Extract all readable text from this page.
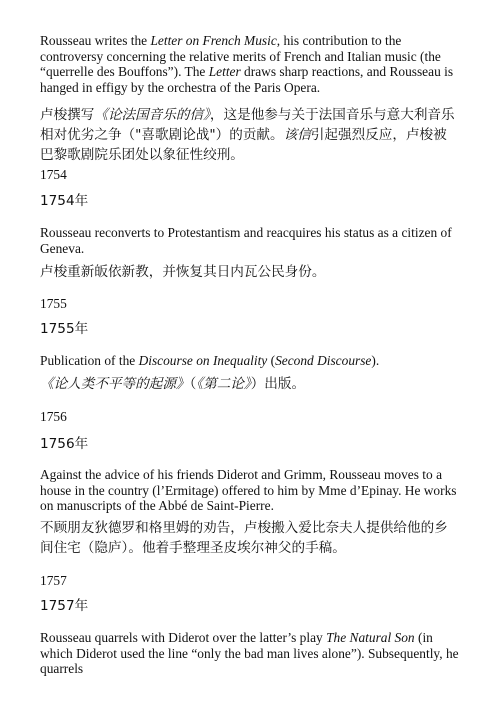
Rousseau writes the Letter on French Music, his contribution to the controversy concerning the relative merits of French and Italian music (the “querrelle des Bouffons”). The Letter draws sharp reactions, and Rousseau is hanged in effigy by the orchestra of the Paris Opera.

卢梭撰写《论法国音乐的信》，这是他参与关于法国音乐与意大利音乐相对优劣之争（"喜歌剧论战"）的贡献。该信引起强烈反应，卢梭被巴黎歌剧院乐团处以象征性绞刑。

1754

1754年

Rousseau reconverts to Protestantism and reacquires his status as a citizen of Geneva.

卢梭重新皈依新教，并恢复其日内瓦公民身份。

1755

1755年

Publication of the Discourse on Inequality (Second Discourse).

《论人类不平等的起源》（《第二论》）出版。

1756

1756年

Against the advice of his friends Diderot and Grimm, Rousseau moves to a house in the country (l’Ermitage) offered to him by Mme d’Epinay. He works on manuscripts of the Abbé de Saint-Pierre.

不顾朋友狄德罗和格里姆的劝告，卢梭搬入爱比奈夫人提供给他的乡间住宅（隐庐）。他着手整理圣皮埃尔神父的手稿。

1757

1757年

Rousseau quarrels with Diderot over the latter’s play The Natural Son (in which Diderot used the line “only the bad man lives alone”). Subsequently, he quarrels
